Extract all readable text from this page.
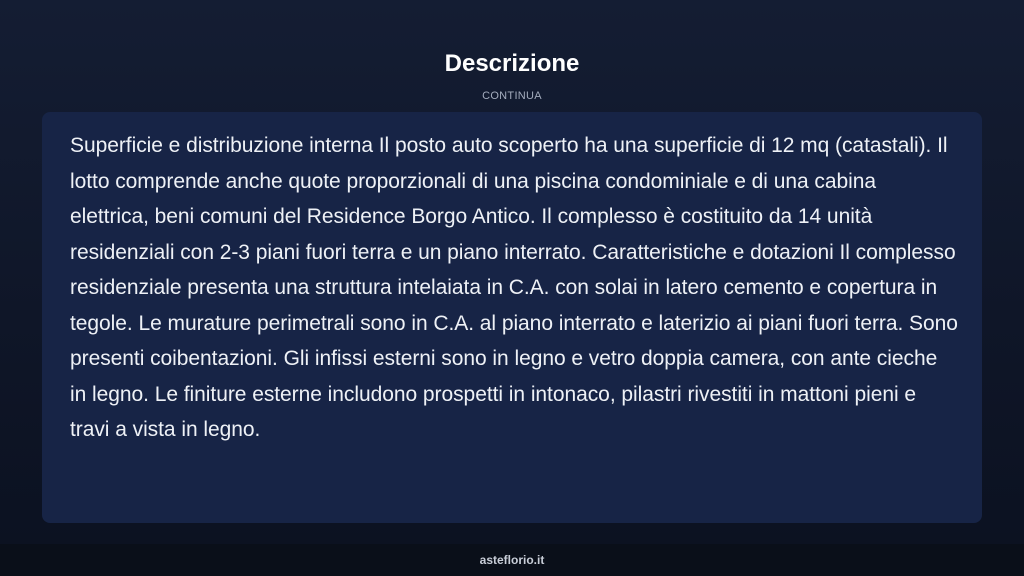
Descrizione
CONTINUA

Superficie e distribuzione interna Il posto auto scoperto ha una superficie di 12 mq (catastali). Il lotto comprende anche quote proporzionali di una piscina condominiale e di una cabina elettrica, beni comuni del Residence Borgo Antico. Il complesso è costituito da 14 unità residenziali con 2-3 piani fuori terra e un piano interrato. Caratteristiche e dotazioni Il complesso residenziale presenta una struttura intelaiata in C.A. con solai in latero cemento e copertura in tegole. Le murature perimetrali sono in C.A. al piano interrato e laterizio ai piani fuori terra. Sono presenti coibentazioni. Gli infissi esterni sono in legno e vetro doppia camera, con ante cieche in legno. Le finiture esterne includono prospetti in intonaco, pilastri rivestiti in mattoni pieni e travi a vista in legno.

asteflorio.it
